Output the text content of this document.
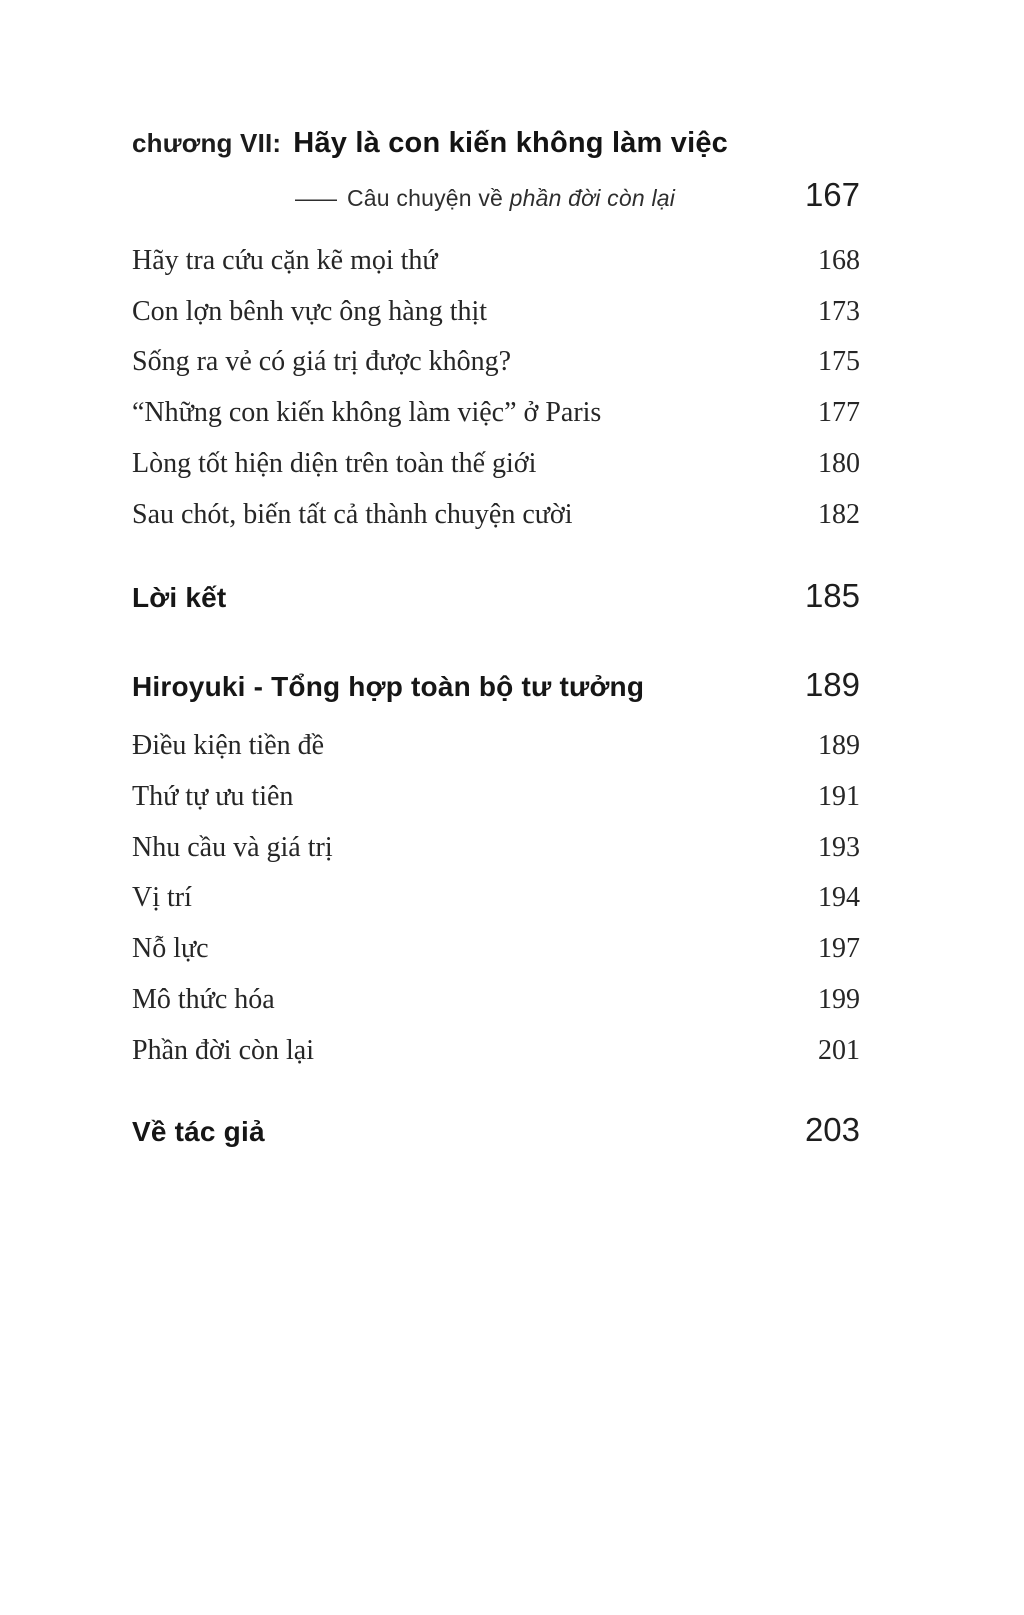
chương VII: Hãy là con kiến không làm việc
—— Câu chuyện về phần đời còn lại	167
Hãy tra cứu cặn kẽ mọi thứ	168
Con lợn bênh vực ông hàng thịt	173
Sống ra vẻ có giá trị được không?	175
“Những con kiến không làm việc” ở Paris	177
Lòng tốt hiện diện trên toàn thế giới	180
Sau chót, biến tất cả thành chuyện cười	182
Lời kết	185
Hiroyuki - Tổng hợp toàn bộ tư tưởng	189
Điều kiện tiền đề	189
Thứ tự ưu tiên	191
Nhu cầu và giá trị	193
Vị trí	194
Nỗ lực	197
Mô thức hóa	199
Phần đời còn lại	201
Về tác giả	203
